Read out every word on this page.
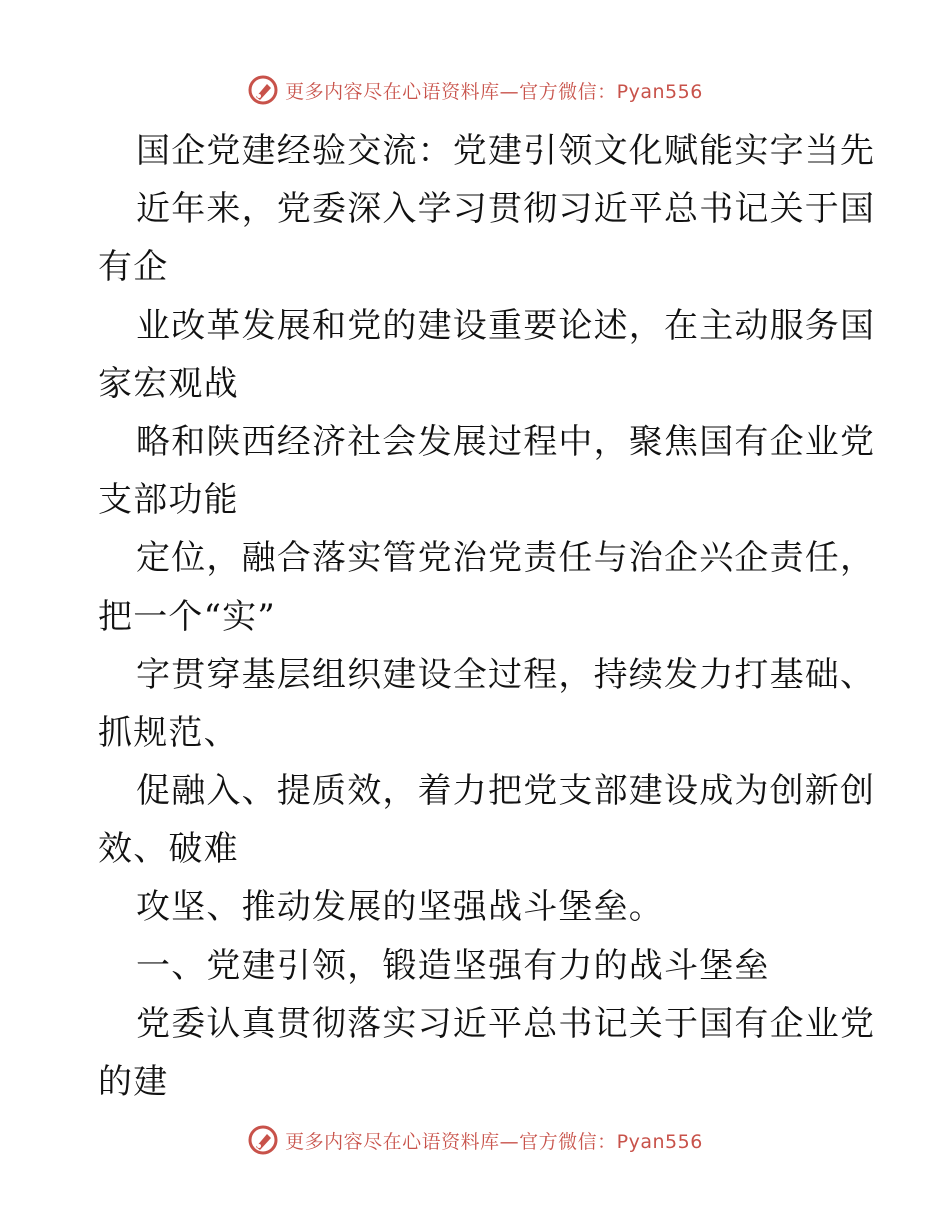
更多内容尽在心语资料库—官方微信：Pyan556
国企党建经验交流：党建引领文化赋能实字当先
近年来，党委深入学习贯彻习近平总书记关于国
有企
业改革发展和党的建设重要论述，在主动服务国
家宏观战
略和陕西经济社会发展过程中，聚焦国有企业党
支部功能
定位，融合落实管党治党责任与治企兴企责任，
把一个“实”
字贯穿基层组织建设全过程，持续发力打基础、
抓规范、
促融入、提质效，着力把党支部建设成为创新创
效、破难
攻坚、推动发展的坚强战斗堡垒。
一、党建引领，锻造坚强有力的战斗堡垒
党委认真贯彻落实习近平总书记关于国有企业党
的建
更多内容尽在心语资料库—官方微信：Pyan556
